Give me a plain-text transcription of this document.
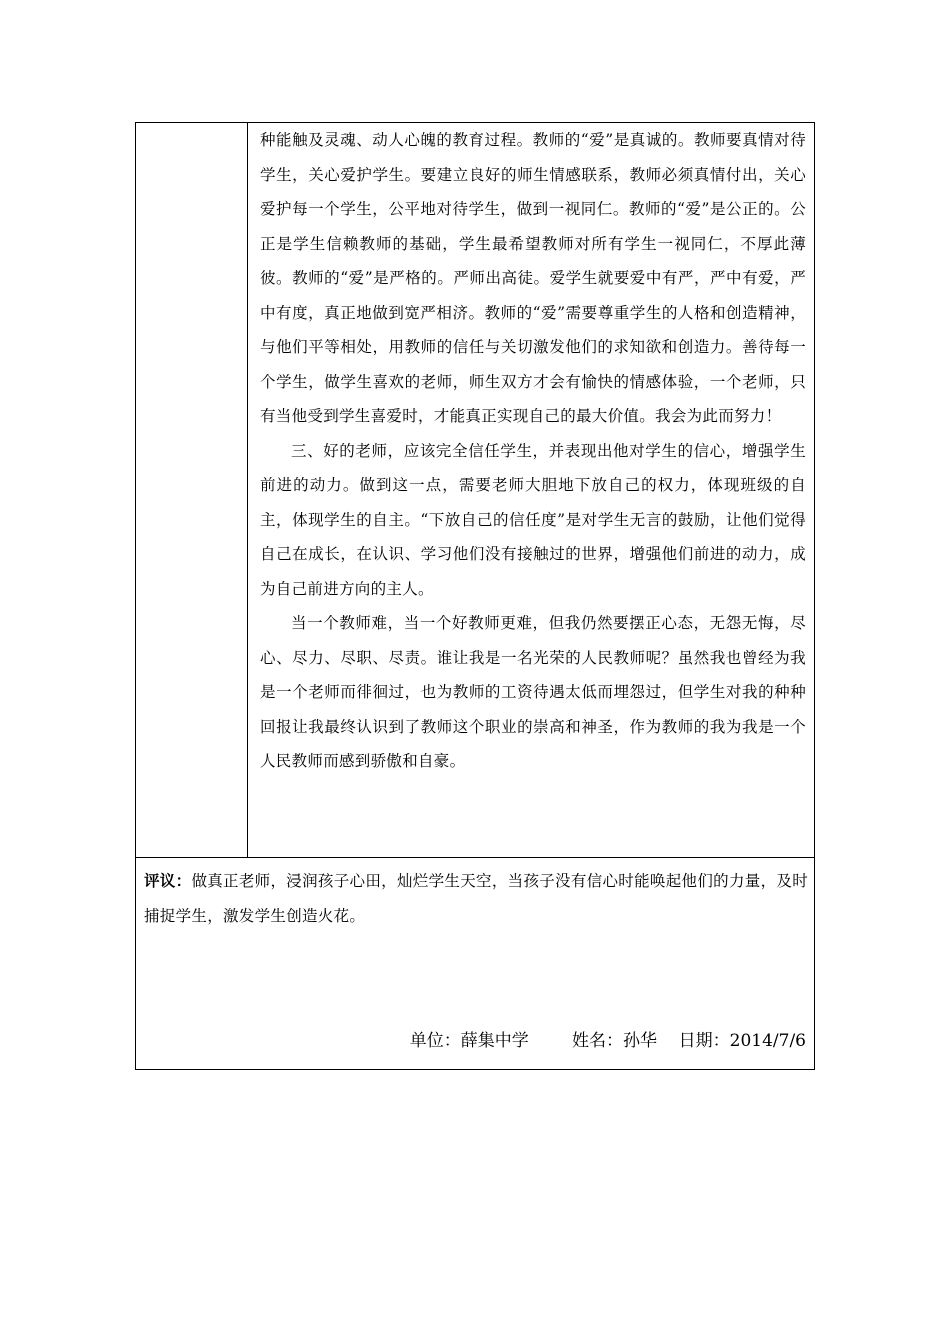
种能触及灵魂、动人心魄的教育过程。教师的“爱”是真诚的。教师要真情对待学生，关心爱护学生。要建立良好的师生情感联系，教师必须真情付出，关心爱护每一个学生，公平地对待学生，做到一视同仁。教师的“爱”是公正的。公正是学生信赖教师的基础，学生最希望教师对所有学生一视同仁，不厚此薄彼。教师的“爱”是严格的。严师出高徒。爱学生就要爱中有严，严中有爱，严中有度，真正地做到宽严相济。教师的“爱”需要尊重学生的人格和创造精神，与他们平等相处，用教师的信任与关切激发他们的求知欲和创造力。善待每一个学生，做学生喜欢的老师，师生双方才会有愉快的情感体验，一个老师，只有当他受到学生喜爱时，才能真正实现自己的最大价值。我会为此而努力！

三、好的老师，应该完全信任学生，并表现出他对学生的信心，增强学生前进的动力。做到这一点，需要老师大胆地下放自己的权力，体现班级的自主，体现学生的自主。“下放自己的信任度”是对学生无言的鼓励，让他们觉得自己在成长，在认识、学习他们没有接触过的世界，增强他们前进的动力，成为自己前进方向的主人。

当一个教师难，当一个好教师更难，但我仍然要摆正心态，无怨无悔，尽心、尽力、尽职、尽责。谁让我是一名光荣的人民教师呢？虽然我也曾经为我是一个老师而徘徊过，也为教师的工资待遇太低而埋怨过，但学生对我的种种回报让我最终认识到了教师这个职业的崇高和神圣，作为教师的我为我是一个人民教师而感到骄傲和自豪。

评议：做真正老师，浸润孩子心田，灿烂学生天空，当孩子没有信心时能唤起他们的力量，及时捕捉学生，激发学生创造火花。
单位：薛集中学	姓名：孙华 日期：2014/7/6
